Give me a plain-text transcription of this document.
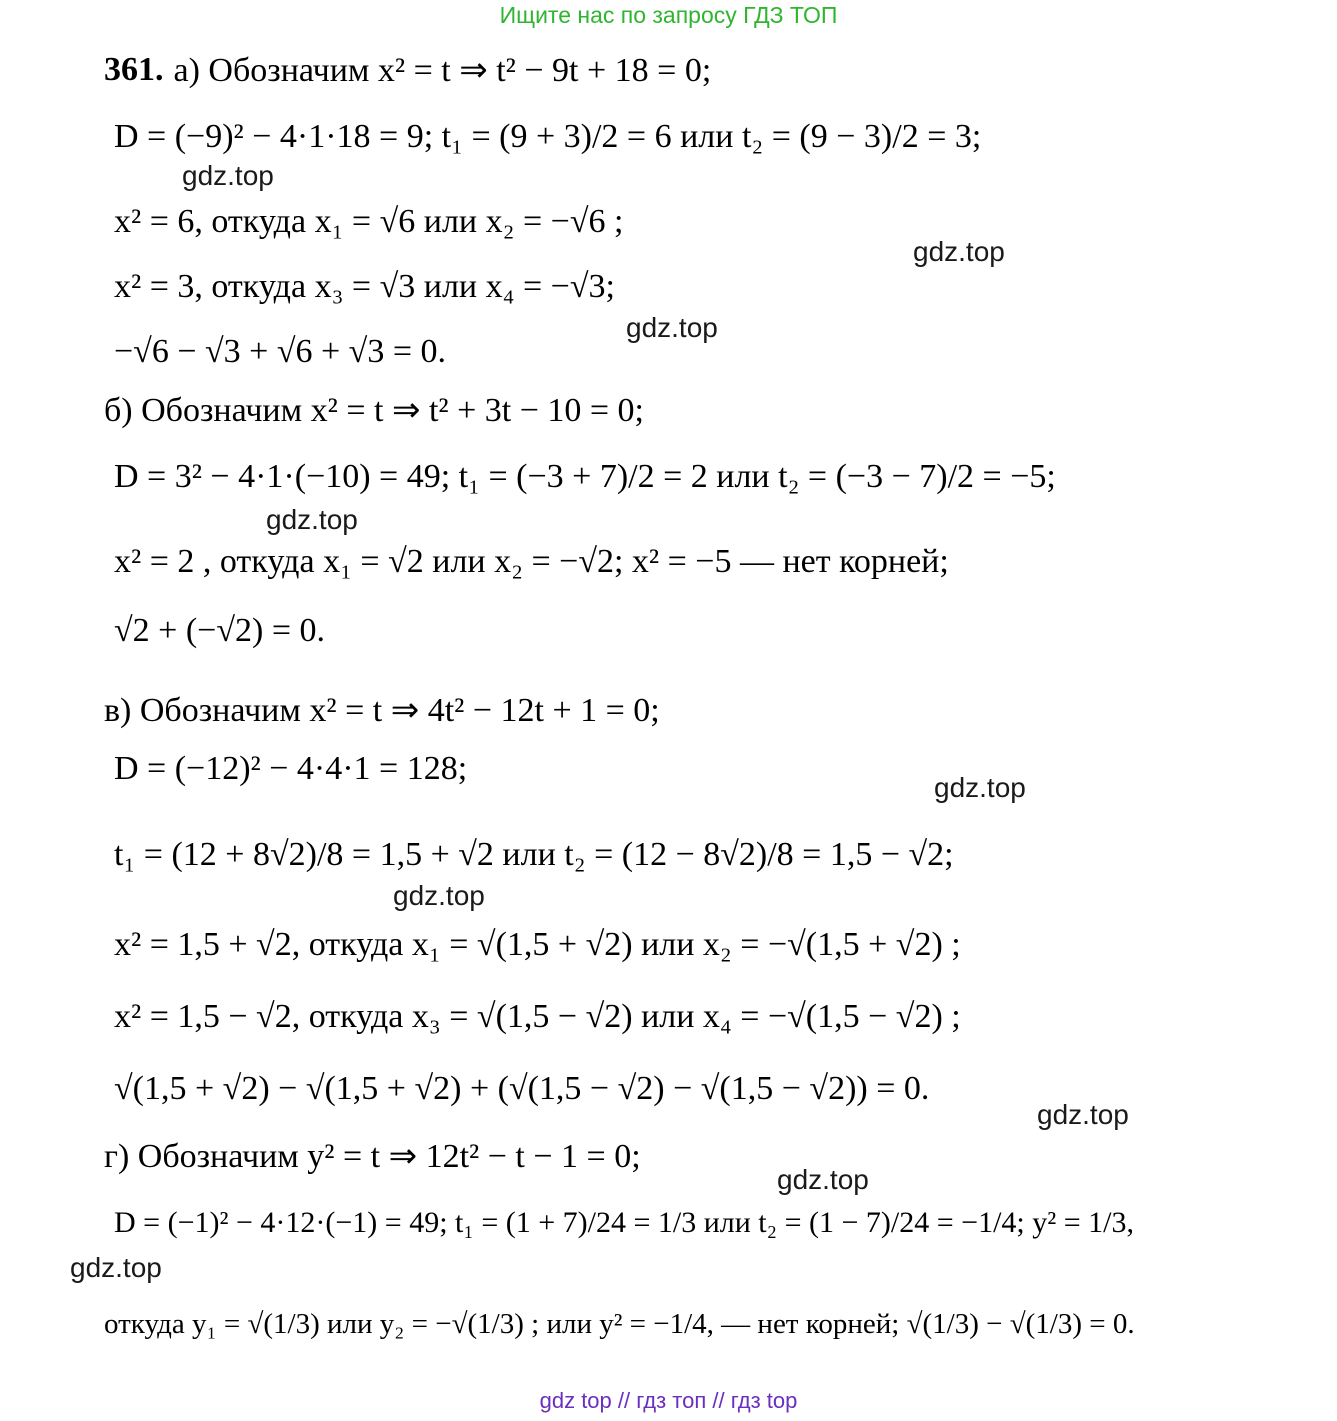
Ищите нас по запросу ГДЗ ТОП
gdz.top
gdz.top
gdz.top
gdz.top
gdz.top
gdz.top
gdz.top
gdz.top
gdz.top
361. а) Обозначим x² = t ⇒ t² − 9t + 18 = 0;
D = (−9)² − 4·1·18 = 9; t₁ = (9 + 3)/2 = 6 или t₂ = (9 − 3)/2 = 3;
x² = 6, откуда x₁ = √6 или x₂ = −√6 ;
x² = 3, откуда x₃ = √3 или x₄ = −√3;
−√6 − √3 + √6 + √3 = 0.
б) Обозначим x² = t ⇒ t² + 3t − 10 = 0;
D = 3² − 4·1·(−10) = 49; t₁ = (−3 + 7)/2 = 2 или t₂ = (−3 − 7)/2 = −5;
x² = 2 , откуда x₁ = √2 или x₂ = −√2; x² = −5 — нет корней;
√2 + (−√2) = 0.
в) Обозначим x² = t ⇒ 4t² − 12t + 1 = 0;
D = (−12)² − 4·4·1 = 128;
t₁ = (12 + 8√2)/8 = 1,5 + √2 или t₂ = (12 − 8√2)/8 = 1,5 − √2;
x² = 1,5 + √2, откуда x₁ = √(1,5 + √2) или x₂ = −√(1,5 + √2) ;
x² = 1,5 − √2, откуда x₃ = √(1,5 − √2) или x₄ = −√(1,5 − √2) ;
√(1,5 + √2) − √(1,5 + √2) + (√(1,5 − √2) − √(1,5 − √2)) = 0.
г) Обозначим y² = t ⇒ 12t² − t − 1 = 0;
D = (−1)² − 4·12·(−1) = 49; t₁ = (1 + 7)/24 = 1/3 или t₂ = (1 − 7)/24 = −1/4; y² = 1/3,
откуда y₁ = √(1/3) или y₂ = −√(1/3) ; или y² = −1/4, — нет корней; √(1/3) − √(1/3) = 0.
gdz top // гдз топ // гдз top
